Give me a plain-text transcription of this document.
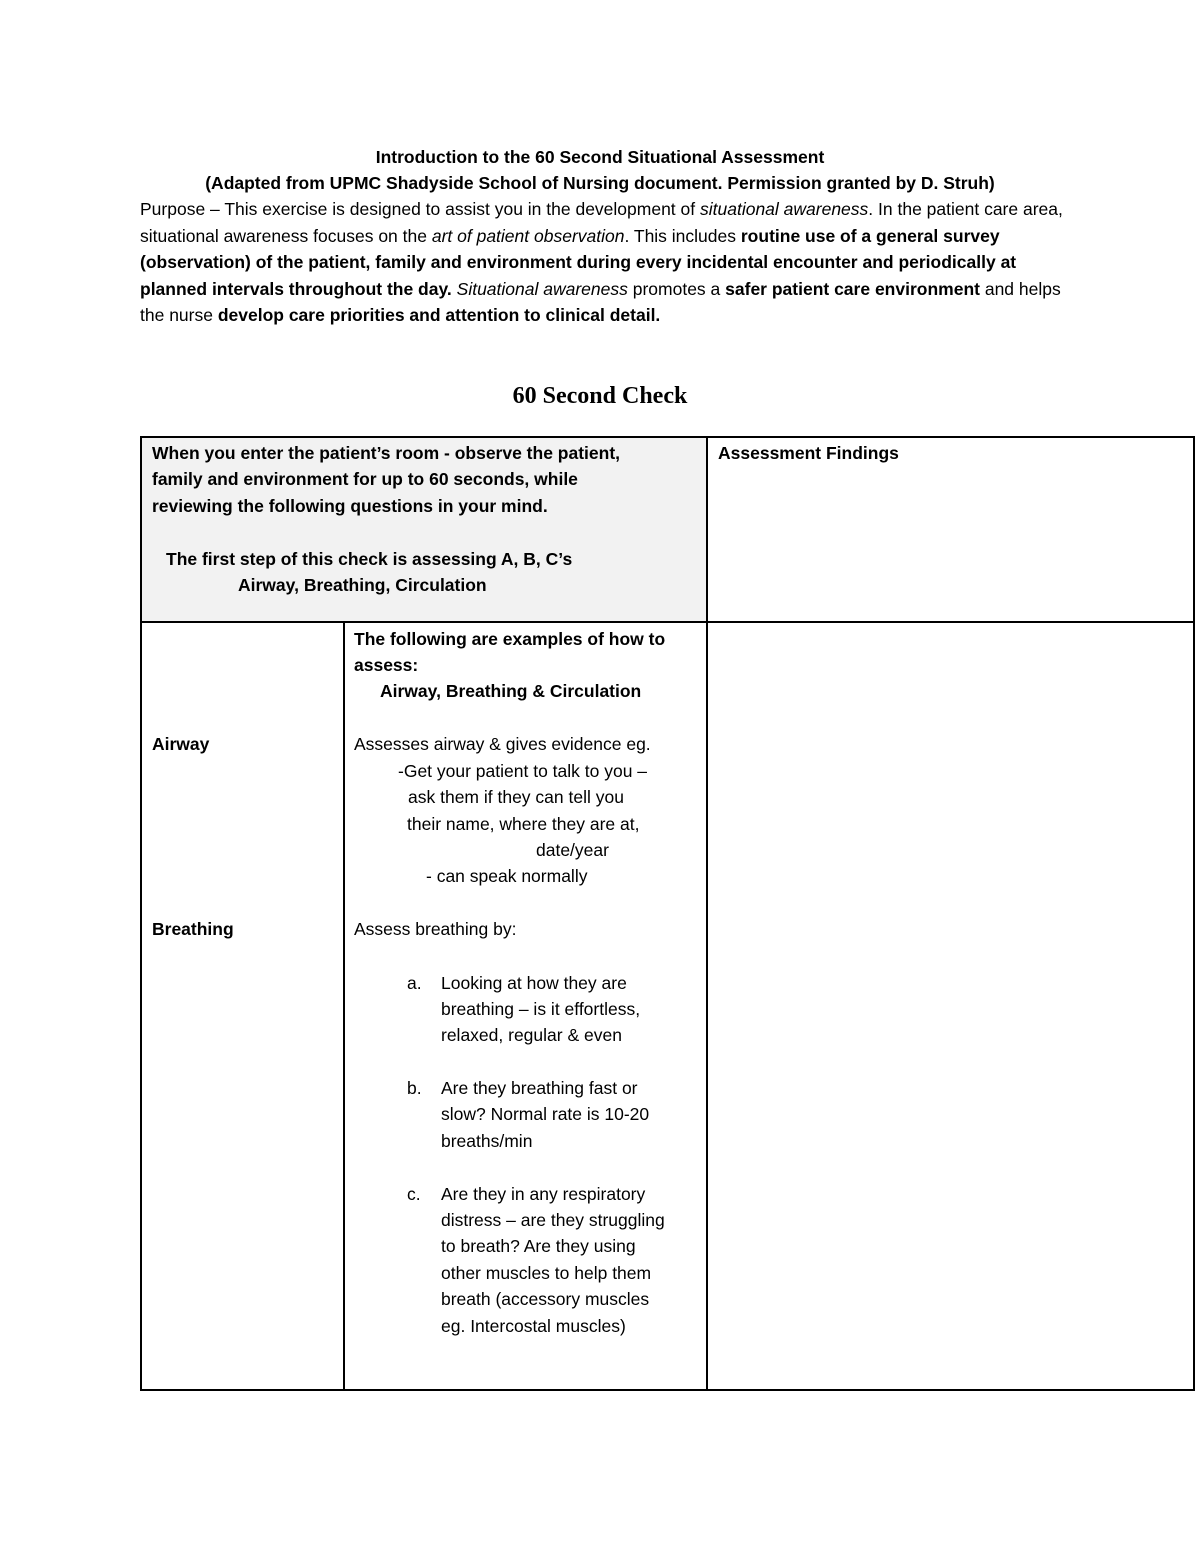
Introduction to the 60 Second Situational Assessment
(Adapted from UPMC Shadyside School of Nursing document. Permission granted by D. Struh)
Purpose – This exercise is designed to assist you in the development of situational awareness. In the patient care area, situational awareness focuses on the art of patient observation. This includes routine use of a general survey (observation) of the patient, family and environment during every incidental encounter and periodically at planned intervals throughout the day. Situational awareness promotes a safer patient care environment and helps the nurse develop care priorities and attention to clinical detail.
60 Second Check
When you enter the patient’s room - observe the patient,
family and environment for up to 60 seconds, while
reviewing the following questions in your mind.
The first step of this check is assessing A, B, C’s
Airway, Breathing, Circulation
Assessment Findings
Airway
Breathing
The following are examples of how to
assess:
Airway, Breathing & Circulation
Assesses airway & gives evidence eg.
-Get your patient to talk to you –
ask them if they can tell you
their name, where they are at,
date/year
- can speak normally
Assess breathing by:
a. Looking at how they are
breathing – is it effortless,
relaxed, regular & even
b. Are they breathing fast or
slow? Normal rate is 10-20
breaths/min
c. Are they in any respiratory
distress – are they struggling
to breath? Are they using
other muscles to help them
breath (accessory muscles
eg. Intercostal muscles)
